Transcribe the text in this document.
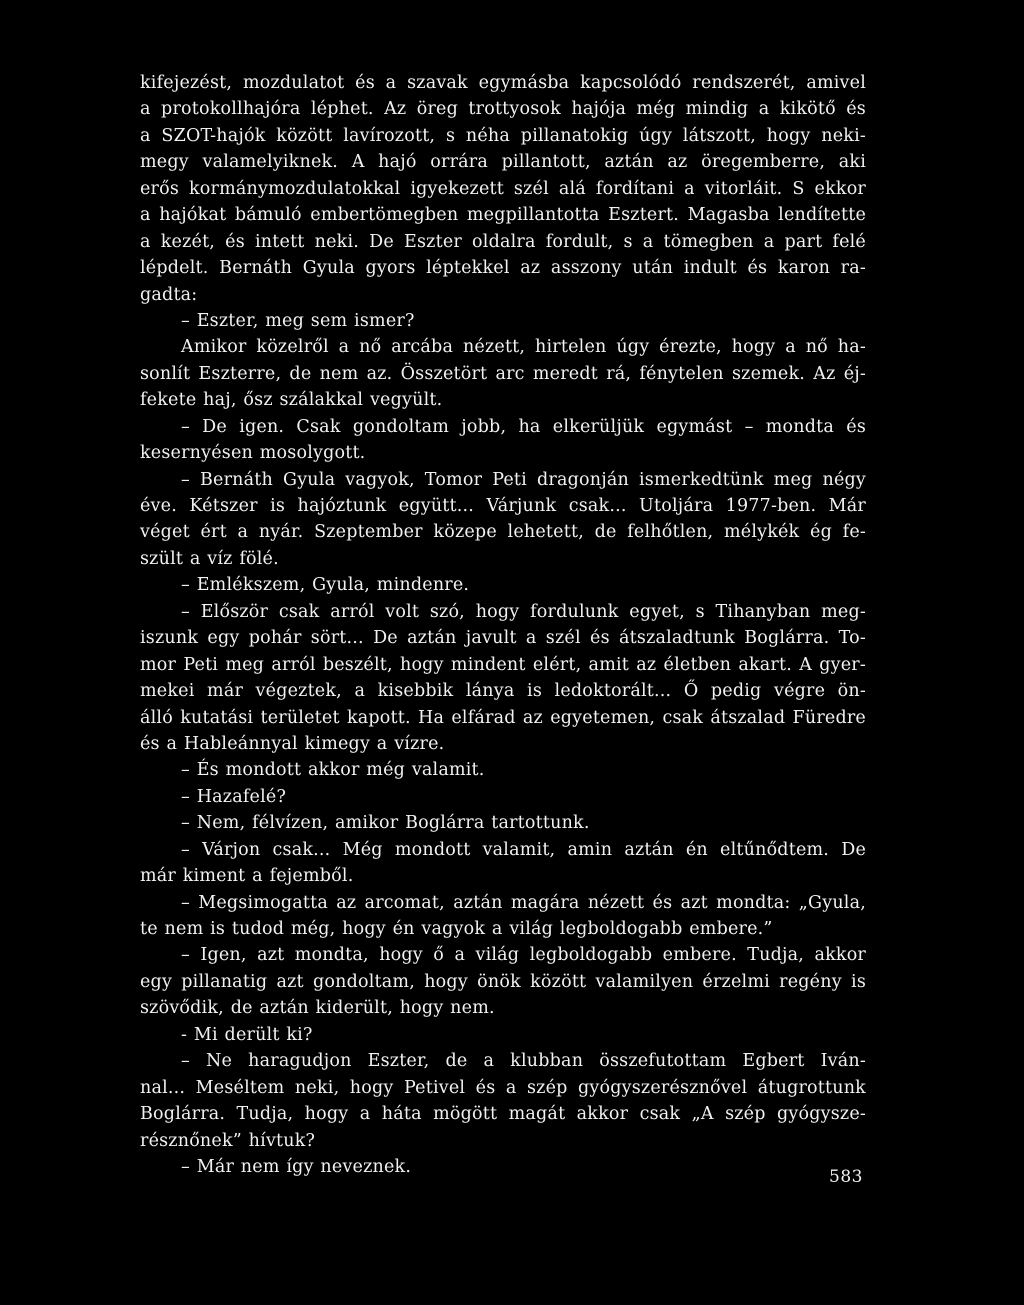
kifejezést, mozdulatot és a szavak egymásba kapcsolódó rendszerét, amivel
a protokollhajóra léphet. Az öreg trottyosok hajója még mindig a kikötő és
a SZOT-hajók között lavírozott, s néha pillanatokig úgy látszott, hogy neki-
megy valamelyiknek. A hajó orrára pillantott, aztán az öregemberre, aki
erős kormánymozdulatokkal igyekezett szél alá fordítani a vitorláit. S ekkor
a hajókat bámuló embertömegben megpillantotta Esztert. Magasba lendítette
a kezét, és intett neki. De Eszter oldalra fordult, s a tömegben a part felé
lépdelt. Bernáth Gyula gyors léptekkel az asszony után indult és karon ra-
gadta:
– Eszter, meg sem ismer?
Amikor közelről a nő arcába nézett, hirtelen úgy érezte, hogy a nő ha-
sonlít Eszterre, de nem az. Összetört arc meredt rá, fénytelen szemek. Az éj-
fekete haj, ősz szálakkal vegyült.
– De igen. Csak gondoltam jobb, ha elkerüljük egymást – mondta és
kesernyésen mosolygott.
– Bernáth Gyula vagyok, Tomor Peti dragonján ismerkedtünk meg négy
éve. Kétszer is hajóztunk együtt... Várjunk csak... Utoljára 1977-ben. Már
véget ért a nyár. Szeptember közepe lehetett, de felhőtlen, mélykék ég fe-
szült a víz fölé.
– Emlékszem, Gyula, mindenre.
– Először csak arról volt szó, hogy fordulunk egyet, s Tihanyban meg-
iszunk egy pohár sört... De aztán javult a szél és átszaladtunk Boglárra. To-
mor Peti meg arról beszélt, hogy mindent elért, amit az életben akart. A gyer-
mekei már végeztek, a kisebbik lánya is ledoktorált... Ő pedig végre ön-
álló kutatási területet kapott. Ha elfárad az egyetemen, csak átszalad Füredre
és a Hableánnyal kimegy a vízre.
– És mondott akkor még valamit.
– Hazafelé?
– Nem, félvízen, amikor Boglárra tartottunk.
– Várjon csak... Még mondott valamit, amin aztán én eltűnődtem. De
már kiment a fejemből.
– Megsimogatta az arcomat, aztán magára nézett és azt mondta: „Gyula,
te nem is tudod még, hogy én vagyok a világ legboldogabb embere.”
– Igen, azt mondta, hogy ő a világ legboldogabb embere. Tudja, akkor
egy pillanatig azt gondoltam, hogy önök között valamilyen érzelmi regény is
szövődik, de aztán kiderült, hogy nem.
- Mi derült ki?
– Ne haragudjon Eszter, de a klubban összefutottam Egbert Iván-
nal... Meséltem neki, hogy Petivel és a szép gyógyszerésznővel átugrottunk
Boglárra. Tudja, hogy a háta mögött magát akkor csak „A szép gyógysze-
résznőnek” hívtuk?
– Már nem így neveznek.
583
